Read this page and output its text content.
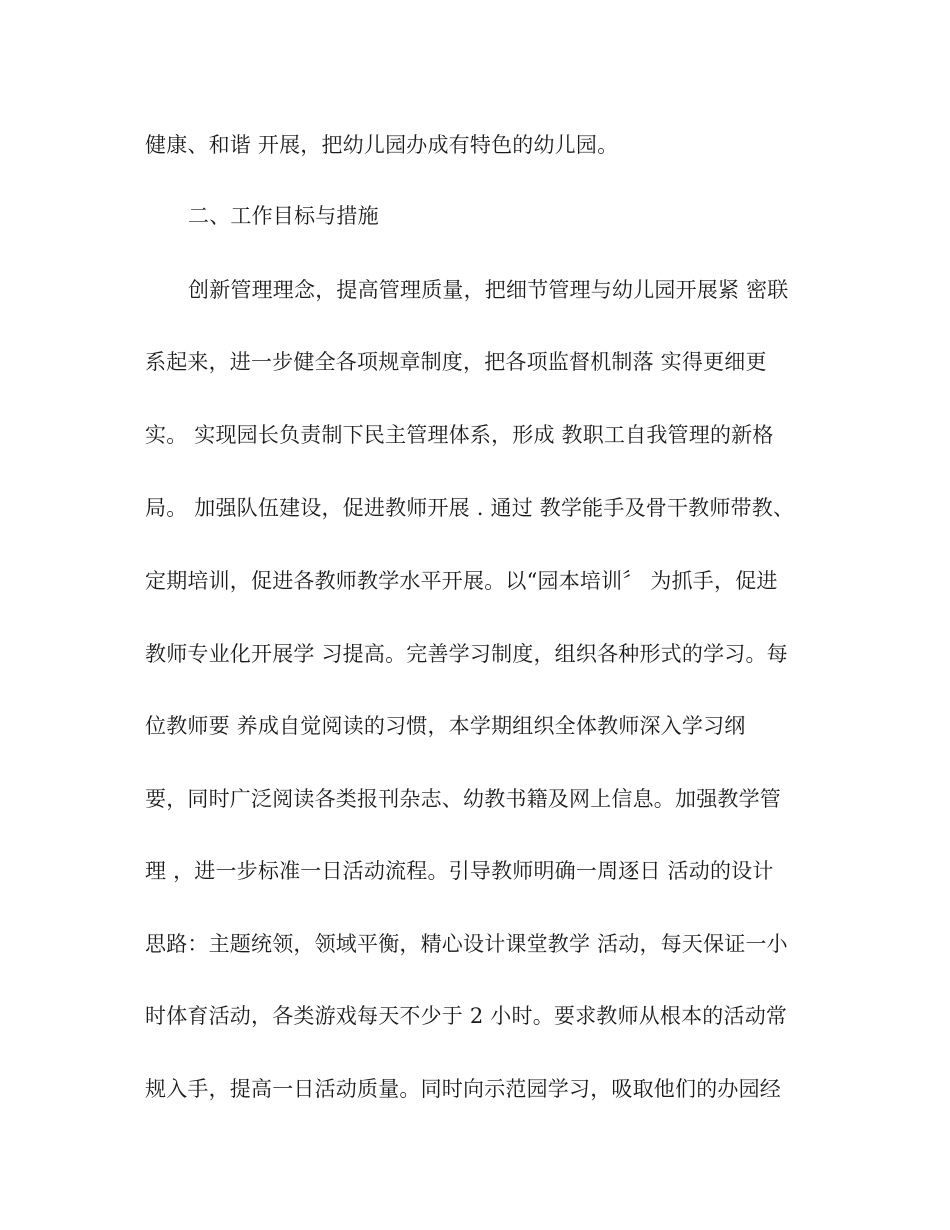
健康、和谐 开展，把幼儿园办成有特色的幼儿园。
二、工作目标与措施
创新管理理念，提高管理质量，把细节管理与幼儿园开展紧 密联
系起来，进一步健全各项规章制度，把各项监督机制落 实得更细更
实。 实现园长负责制下民主管理体系，形成 教职工自我管理的新格
局。 加强队伍建设，促进教师开展 . 通过 教学能手及骨干教师带教、
定期培训，促进各教师教学水平开展。以“园本培训〞 为抓手，促进
教师专业化开展学 习提高。完善学习制度，组织各种形式的学习。每
位教师要 养成自觉阅读的习惯，本学期组织全体教师深入学习纲
要，同时广泛阅读各类报刊杂志、幼教书籍及网上信息。加强教学管
理 ，进一步标准一日活动流程。引导教师明确一周逐日 活动的设计
思路：主题统领，领域平衡，精心设计课堂教学 活动，每天保证一小
时体育活动，各类游戏每天不少于 2 小时。要求教师从根本的活动常
规入手，提高一日活动质量。同时向示范园学习，吸取他们的办园经
